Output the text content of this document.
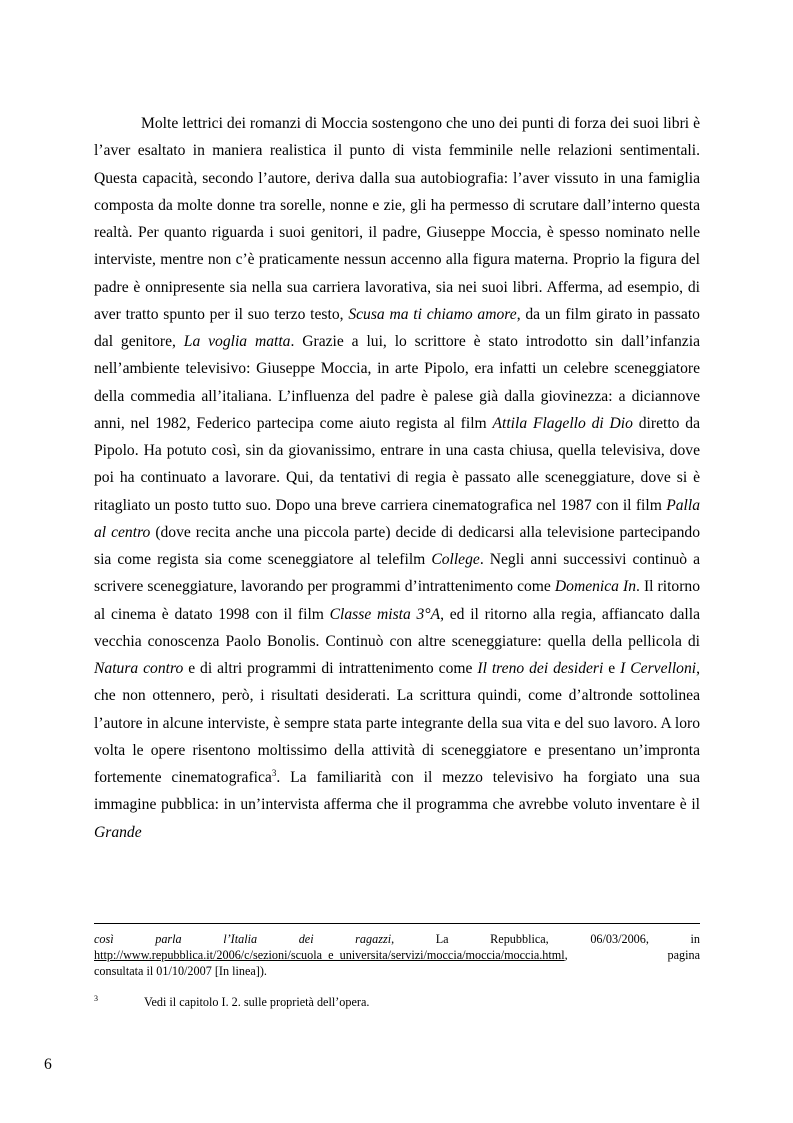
Molte lettrici dei romanzi di Moccia sostengono che uno dei punti di forza dei suoi libri è l’aver esaltato in maniera realistica il punto di vista femminile nelle relazioni sentimentali. Questa capacità, secondo l’autore, deriva dalla sua autobiografia: l’aver vissuto in una famiglia composta da molte donne tra sorelle, nonne e zie, gli ha permesso di scrutare dall’interno questa realtà. Per quanto riguarda i suoi genitori, il padre, Giuseppe Moccia, è spesso nominato nelle interviste, mentre non c’è praticamente nessun accenno alla figura materna. Proprio la figura del padre è onnipresente sia nella sua carriera lavorativa, sia nei suoi libri. Afferma, ad esempio, di aver tratto spunto per il suo terzo testo, Scusa ma ti chiamo amore, da un film girato in passato dal genitore, La voglia matta. Grazie a lui, lo scrittore è stato introdotto sin dall’infanzia nell’ambiente televisivo: Giuseppe Moccia, in arte Pipolo, era infatti un celebre sceneggiatore della commedia all’italiana. L’influenza del padre è palese già dalla giovinezza: a diciannove anni, nel 1982, Federico partecipa come aiuto regista al film Attila Flagello di Dio diretto da Pipolo. Ha potuto così, sin da giovanissimo, entrare in una casta chiusa, quella televisiva, dove poi ha continuato a lavorare. Qui, da tentativi di regia è passato alle sceneggiature, dove si è ritagliato un posto tutto suo. Dopo una breve carriera cinematografica nel 1987 con il film Palla al centro (dove recita anche una piccola parte) decide di dedicarsi alla televisione partecipando sia come regista sia come sceneggiatore al telefilm College. Negli anni successivi continuò a scrivere sceneggiature, lavorando per programmi d’intrattenimento come Domenica In. Il ritorno al cinema è datato 1998 con il film Classe mista 3°A, ed il ritorno alla regia, affiancato dalla vecchia conoscenza Paolo Bonolis. Continuò con altre sceneggiature: quella della pellicola di Natura contro e di altri programmi di intrattenimento come Il treno dei desideri e I Cervelloni, che non ottennero, però, i risultati desiderati. La scrittura quindi, come d’altronde sottolinea l’autore in alcune interviste, è sempre stata parte integrante della sua vita e del suo lavoro. A loro volta le opere risentono moltissimo della attività di sceneggiatore e presentano un’impronta fortemente cinematografica$^3$. La familiarità con il mezzo televisivo ha forgiato una sua immagine pubblica: in un’intervista afferma che il programma che avrebbe voluto inventare è il Grande

così parla l’Italia dei ragazzi, La Repubblica, 06/03/2006, in
http://www.repubblica.it/2006/c/sezioni/scuola_e_universita/servizi/moccia/moccia/moccia.html, pagina
consultata il 01/10/2007 [In linea]).
3	Vedi il capitolo I. 2. sulle proprietà dell’opera.
6
